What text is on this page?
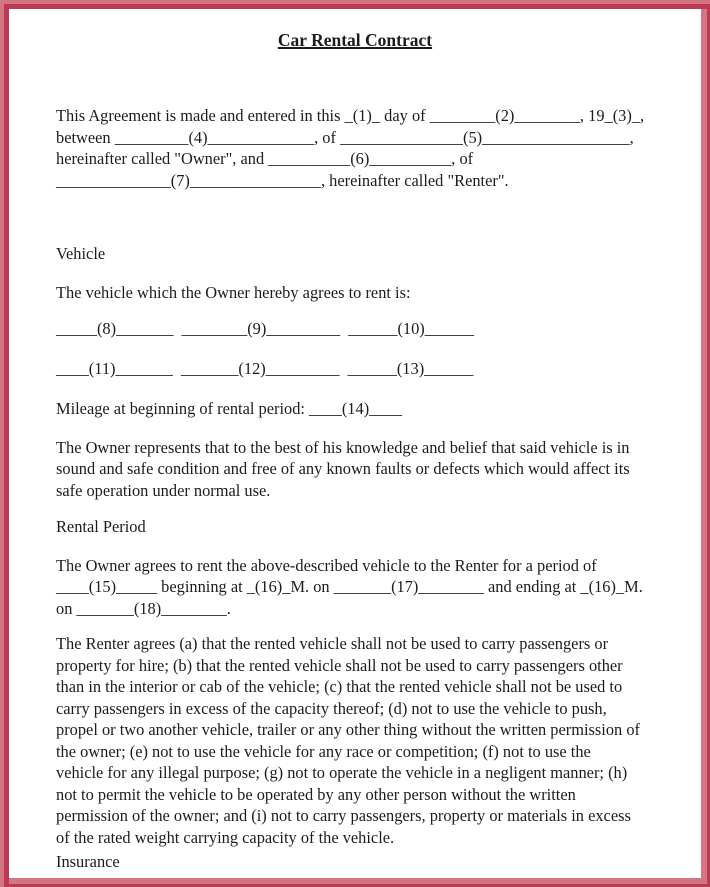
Car Rental Contract
This Agreement is made and entered in this _(1)_ day of ________(2)________, 19_(3)_,
between _________(4)_____________, of _______________(5)__________________,
hereinafter called "Owner", and __________(6)__________, of
______________(7)________________, hereinafter called "Renter".
Vehicle
The vehicle which the Owner hereby agrees to rent is:
_____(8)_______  ________(9)_________  ______(10)______
____(11)_______  _______(12)_________  ______(13)______
Mileage at beginning of rental period: ____(14)____
The Owner represents that to the best of his knowledge and belief that said vehicle is in
sound and safe condition and free of any known faults or defects which would affect its
safe operation under normal use.
Rental Period
The Owner agrees to rent the above-described vehicle to the Renter for a period of
____(15)_____ beginning at _(16)_M. on _______(17)________ and ending at _(16)_M.
on _______(18)________.
The Renter agrees (a) that the rented vehicle shall not be used to carry passengers or
property for hire; (b) that the rented vehicle shall not be used to carry passengers other
than in the interior or cab of the vehicle; (c) that the rented vehicle shall not be used to
carry passengers in excess of the capacity thereof; (d) not to use the vehicle to push,
propel or two another vehicle, trailer or any other thing without the written permission of
the owner; (e) not to use the vehicle for any race or competition; (f) not to use the
vehicle for any illegal purpose; (g) not to operate the vehicle in a negligent manner; (h)
not to permit the vehicle to be operated by any other person without the written
permission of the owner; and (i) not to carry passengers, property or materials in excess
of the rated weight carrying capacity of the vehicle.
Insurance
